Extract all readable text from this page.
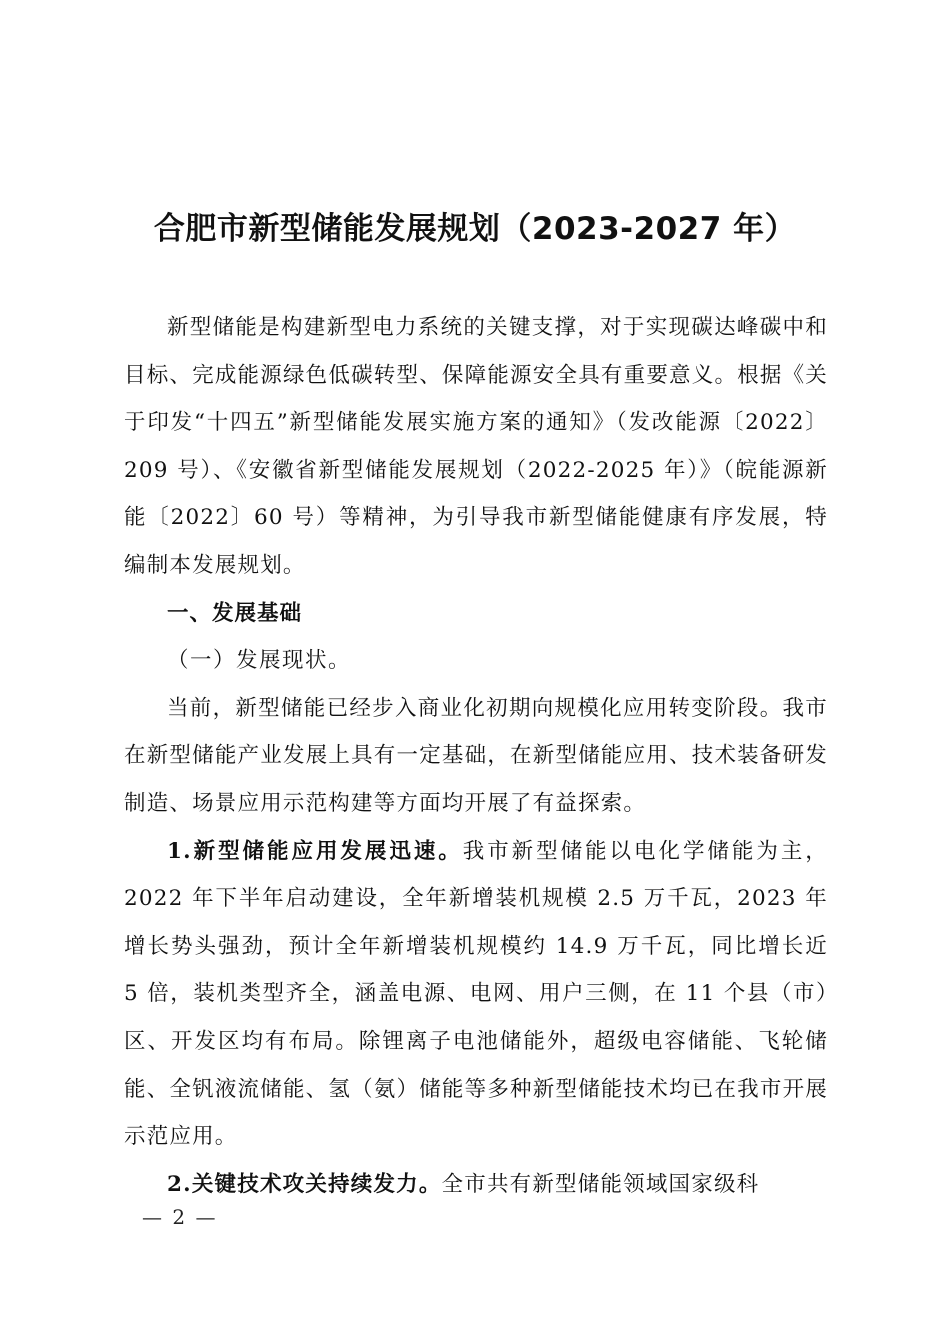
合肥市新型储能发展规划（2023-2027 年）

新型储能是构建新型电力系统的关键支撑，对于实现碳达峰碳中和目标、完成能源绿色低碳转型、保障能源安全具有重要意义。根据《关于印发“十四五”新型储能发展实施方案的通知》（发改能源〔2022〕209 号）、《安徽省新型储能发展规划（2022-2025 年）》（皖能源新能〔2022〕60 号）等精神，为引导我市新型储能健康有序发展，特编制本发展规划。

一、发展基础

（一）发展现状。

当前，新型储能已经步入商业化初期向规模化应用转变阶段。我市在新型储能产业发展上具有一定基础，在新型储能应用、技术装备研发制造、场景应用示范构建等方面均开展了有益探索。

1.新型储能应用发展迅速。我市新型储能以电化学储能为主，2022 年下半年启动建设，全年新增装机规模 2.5 万千瓦，2023 年增长势头强劲，预计全年新增装机规模约 14.9 万千瓦，同比增长近 5 倍，装机类型齐全，涵盖电源、电网、用户三侧，在 11 个县（市）区、开发区均有布局。除锂离子电池储能外，超级电容储能、飞轮储能、全钒液流储能、氢（氨）储能等多种新型储能技术均已在我市开展示范应用。

2.关键技术攻关持续发力。全市共有新型储能领域国家级科

— 2 —
